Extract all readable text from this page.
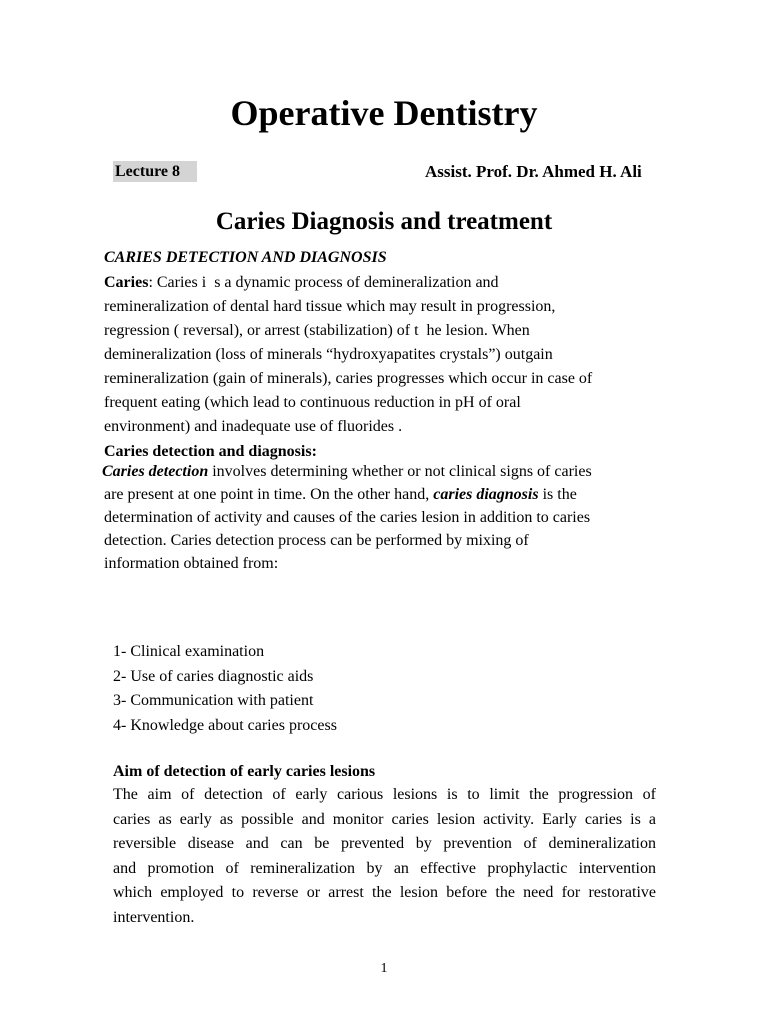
Operative Dentistry
Lecture 8	Assist. Prof. Dr. Ahmed H. Ali
Caries Diagnosis and treatment
CARIES DETECTION AND DIAGNOSIS
Caries: Caries i  s a dynamic process of demineralization and
remineralization of dental hard tissue which may result in progression,
regression ( reversal), or arrest (stabilization) of t  he lesion. When
demineralization (loss of minerals “hydroxyapatites crystals”) outgain
remineralization (gain of minerals), caries progresses which occur in case of
frequent eating (which lead to continuous reduction in pH of oral
environment) and inadequate use of fluorides .
Caries detection and diagnosis:
Caries detection involves determining whether or not clinical signs of caries
are present at one point in time. On the other hand, caries diagnosis is the
determination of activity and causes of the caries lesion in addition to caries
detection. Caries detection process can be performed by mixing of
information obtained from:
1- Clinical examination
2- Use of caries diagnostic aids
3- Communication with patient
4- Knowledge about caries process
Aim of detection of early caries lesions
The aim of detection of early carious lesions is to limit the progression of
caries as early as possible and monitor caries lesion activity. Early caries is a
reversible disease and can be prevented by prevention of demineralization
and promotion of remineralization by an effective prophylactic intervention
which employed to reverse or arrest the lesion before the need for restorative
intervention.
1
